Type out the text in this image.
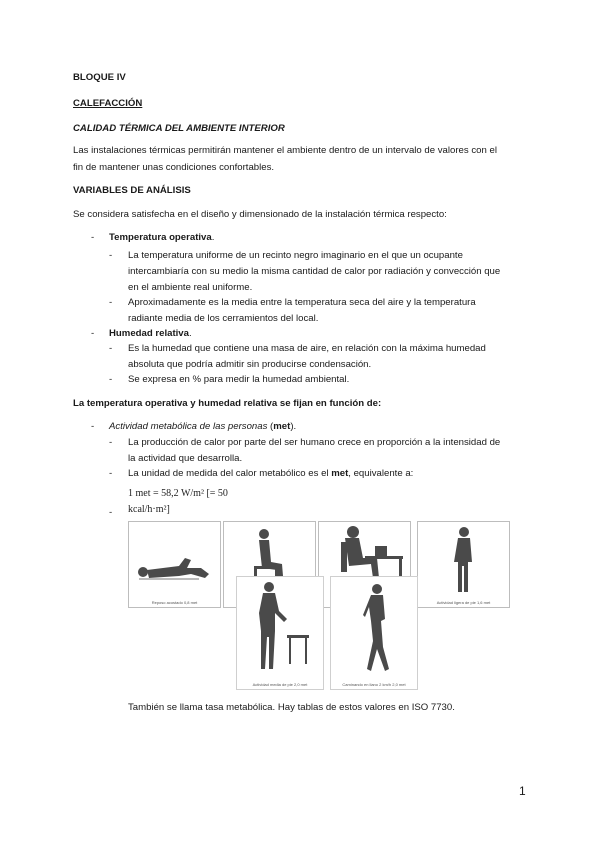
BLOQUE IV
CALEFACCIÓN
CALIDAD TÉRMICA DEL AMBIENTE INTERIOR
Las instalaciones térmicas permitirán mantener el ambiente dentro de un intervalo de valores con el
fin de mantener unas condiciones confortables.
VARIABLES DE ANÁLISIS
Se considera satisfecha en el diseño y dimensionado de la instalación térmica respecto:
- Temperatura operativa.
- La temperatura uniforme de un recinto negro imaginario en el que un ocupante
intercambiaría con su medio la misma cantidad de calor por radiación y convección que
en el ambiente real uniforme.
- Aproximadamente es la media entre la temperatura seca del aire y la temperatura
radiante media de los cerramientos del local.
- Humedad relativa.
- Es la humedad que contiene una masa de aire, en relación con la máxima humedad
absoluta que podría admitir sin producirse condensación.
- Se expresa en % para medir la humedad ambiental.
La temperatura operativa y humedad relativa se fijan en función de:
- Actividad metabólica de las personas (met).
- La producción de calor por parte del ser humano crece en proporción a la intensidad de
la actividad que desarrolla.
- La unidad de medida del calor metabólico es el met, equivalente a:
1 met = 58,2 W/m² [= 50 kcal/h·m²]
-
Reposo acostado 0,8 met	Actividad ligera de pie 1,6 met
Actividad media de pie 2,0 met	Caminando en llano 2 km/h 2,0 met
También se llama tasa metabólica. Hay tablas de estos valores en ISO 7730.
1
